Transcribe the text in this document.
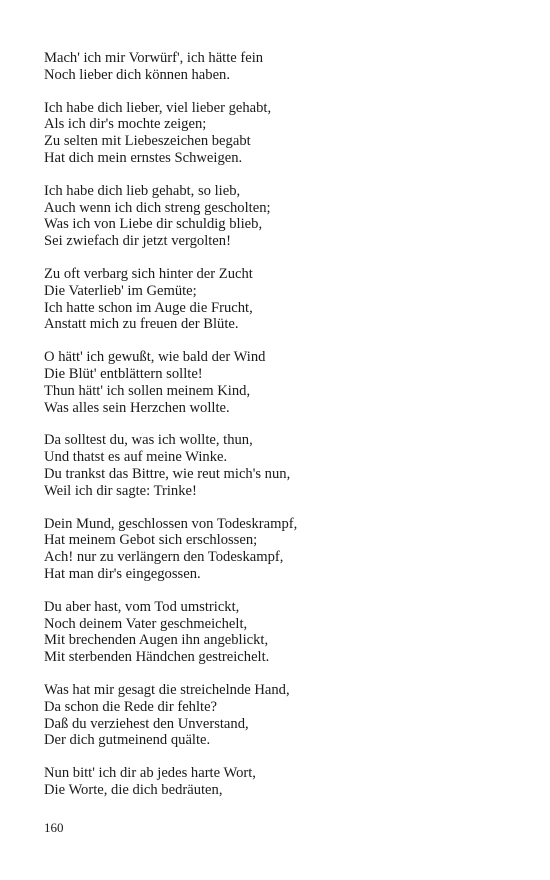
Mach' ich mir Vorwürf', ich hätte fein
Noch lieber dich können haben.
Ich habe dich lieber, viel lieber gehabt,
Als ich dir's mochte zeigen;
Zu selten mit Liebeszeichen begabt
Hat dich mein ernstes Schweigen.
Ich habe dich lieb gehabt, so lieb,
Auch wenn ich dich streng gescholten;
Was ich von Liebe dir schuldig blieb,
Sei zwiefach dir jetzt vergolten!
Zu oft verbarg sich hinter der Zucht
Die Vaterlieb' im Gemüte;
Ich hatte schon im Auge die Frucht,
Anstatt mich zu freuen der Blüte.
O hätt' ich gewußt, wie bald der Wind
Die Blüt' entblättern sollte!
Thun hätt' ich sollen meinem Kind,
Was alles sein Herzchen wollte.
Da solltest du, was ich wollte, thun,
Und thatst es auf meine Winke.
Du trankst das Bittre, wie reut mich's nun,
Weil ich dir sagte: Trinke!
Dein Mund, geschlossen von Todeskrampf,
Hat meinem Gebot sich erschlossen;
Ach! nur zu verlängern den Todeskampf,
Hat man dir's eingegossen.
Du aber hast, vom Tod umstrickt,
Noch deinem Vater geschmeichelt,
Mit brechenden Augen ihn angeblickt,
Mit sterbenden Händchen gestreichelt.
Was hat mir gesagt die streichelnde Hand,
Da schon die Rede dir fehlte?
Daß du verziehest den Unverstand,
Der dich gutmeinend quälte.
Nun bitt' ich dir ab jedes harte Wort,
Die Worte, die dich bedräuten,
160
